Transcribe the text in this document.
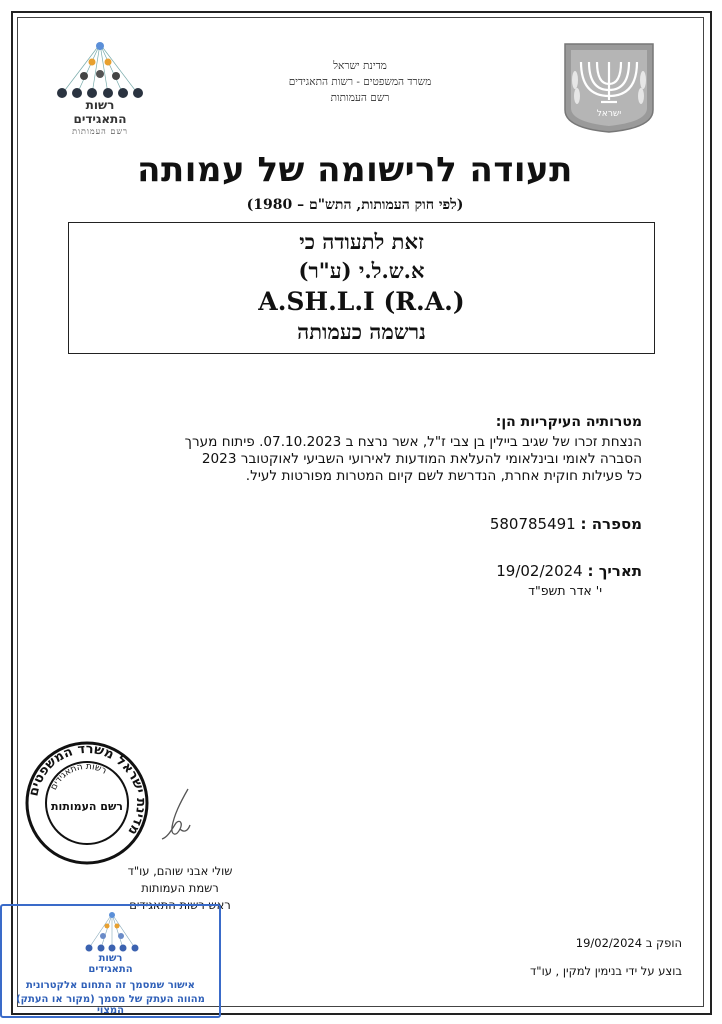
רשות
התאגידים
רשם העמותות
מדינת ישראל
משרד המשפטים - רשות התאגידים
רשם העמותות
ישראל
תעודה לרישומה של עמותה
(לפי חוק העמותות, התש"ם – 1980)
זאת לתעודה כי
א.ש.ל.י (ע"ר)
A.SH.L.I (R.A.)
נרשמה כעמותה
מטרותיה העיקריות הן:
הנצחת זכרו של שגיב ביילין בן צבי ז"ל, אשר נרצח ב 07.10.2023. פיתוח מערך
הסברה לאומי ובינלאומי להעלאת המודעות לאירועי השביעי לאוקטובר 2023
כל פעילות חוקית אחרת, הנדרשת לשם קיום המטרות מפורטות לעיל.
מספרה : 580785491
תאריך : 19/02/2024
י' אדר תשפ"ד
מדינת ישראל משרד המשפטים
רשות התאגידים
רשם העמותות
שולי אבני שוהם, עו"ד
רשמת העמותות
ראש רשות התאגידים
רשות
התאגידים
אישור שמסמך זה התחום אלקטרונית
מהווה העתק של מסמך (מקור או העתק) המצוי
הופק ב 19/02/2024
בוצע על ידי בנימין למקין , עו"ד
